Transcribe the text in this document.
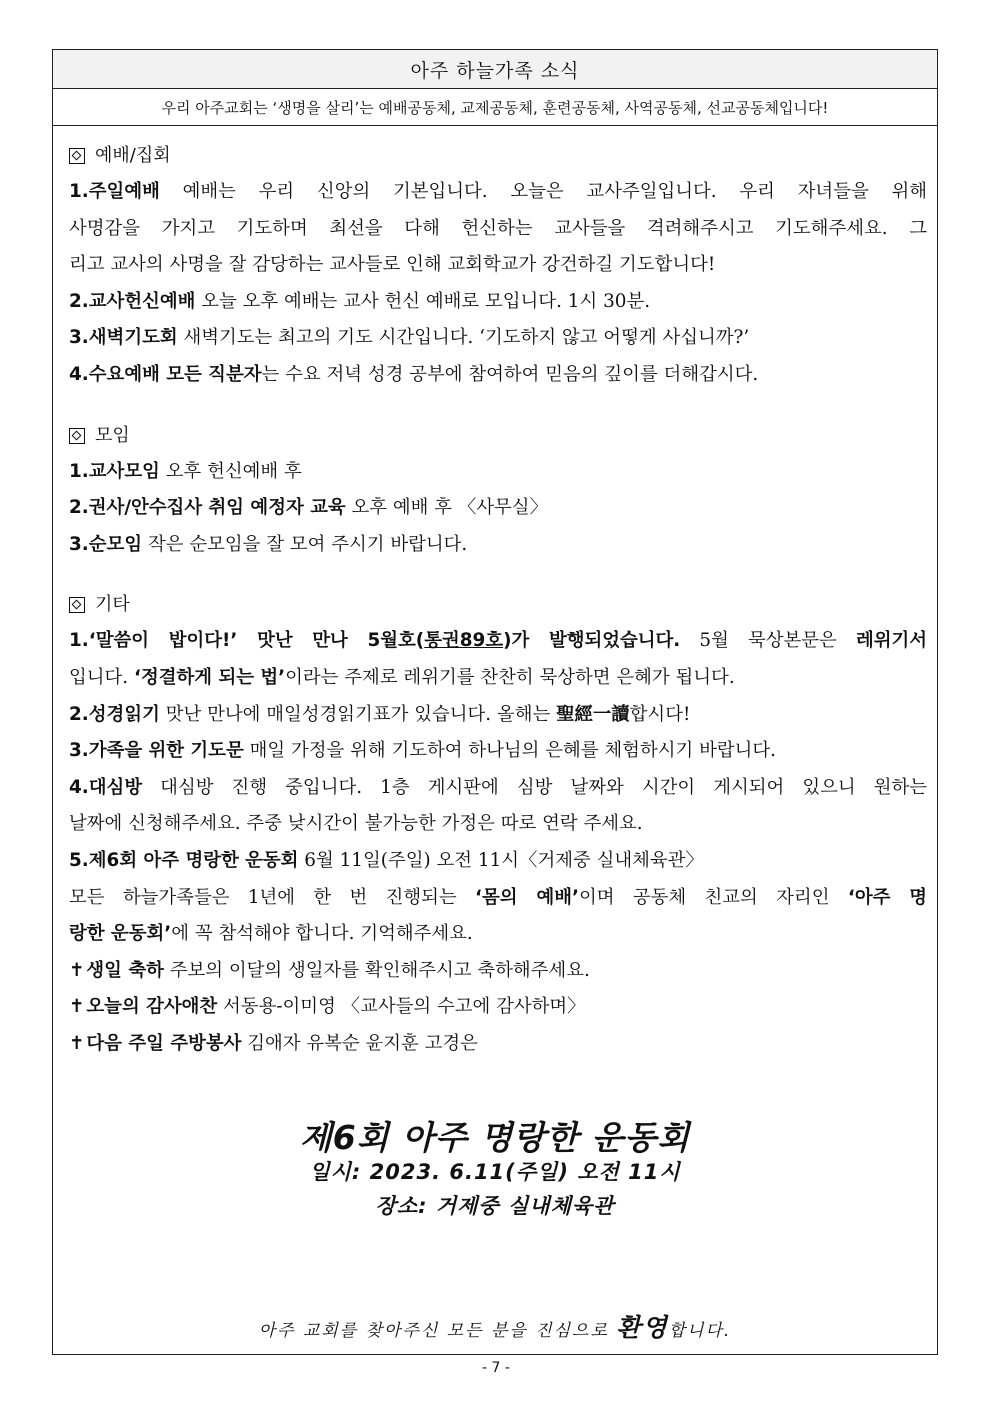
아주 하늘가족 소식
우리 아주교회는 ‘생명을 살리’는 예배공동체, 교제공동체, 훈련공동체, 사역공동체, 선교공동체입니다!
예배/집회
1.주일예배 예배는 우리 신앙의 기본입니다. 오늘은 교사주일입니다. 우리 자녀들을 위해
사명감을 가지고 기도하며 최선을 다해 헌신하는 교사들을 격려해주시고 기도해주세요. 그
리고 교사의 사명을 잘 감당하는 교사들로 인해 교회학교가 강건하길 기도합니다!
2.교사헌신예배 오늘 오후 예배는 교사 헌신 예배로 모입니다. 1시 30분.
3.새벽기도회 새벽기도는 최고의 기도 시간입니다. ‘기도하지 않고 어떻게 사십니까?’
4.수요예배 모든 직분자는 수요 저녁 성경 공부에 참여하여 믿음의 깊이를 더해갑시다.
모임
1.교사모임 오후 헌신예배 후
2.권사/안수집사 취임 예정자 교육 오후 예배 후 〈사무실〉
3.순모임 작은 순모임을 잘 모여 주시기 바랍니다.
기타
1.‘말씀이 밥이다!’ 맛난 만나 5월호(통권89호)가 발행되었습니다. 5월 묵상본문은 레위기서
입니다. ‘정결하게 되는 법’이라는 주제로 레위기를 찬찬히 묵상하면 은혜가 됩니다.
2.성경읽기 맛난 만나에 매일성경읽기표가 있습니다. 올해는 聖經一讀합시다!
3.가족을 위한 기도문 매일 가정을 위해 기도하여 하나님의 은혜를 체험하시기 바랍니다.
4.대심방 대심방 진행 중입니다. 1층 게시판에 심방 날짜와 시간이 게시되어 있으니 원하는
날짜에 신청해주세요. 주중 낮시간이 불가능한 가정은 따로 연락 주세요.
5.제6회 아주 명랑한 운동회 6월 11일(주일) 오전 11시〈거제중 실내체육관〉
모든 하늘가족들은 1년에 한 번 진행되는 ‘몸의 예배’이며 공동체 친교의 자리인 ‘아주 명
랑한 운동회’에 꼭 참석해야 합니다. 기억해주세요.
✝ 생일 축하 주보의 이달의 생일자를 확인해주시고 축하해주세요.
✝ 오늘의 감사애찬 서동용-이미영 〈교사들의 수고에 감사하며〉
✝ 다음 주일 주방봉사 김애자 유복순 윤지훈 고경은
제6회 아주 명랑한 운동회
일시: 2023. 6.11(주일) 오전 11시
장소: 거제중 실내체육관
아주 교회를 찾아주신 모든 분을 진심으로 환영합니다.
- 7 -
